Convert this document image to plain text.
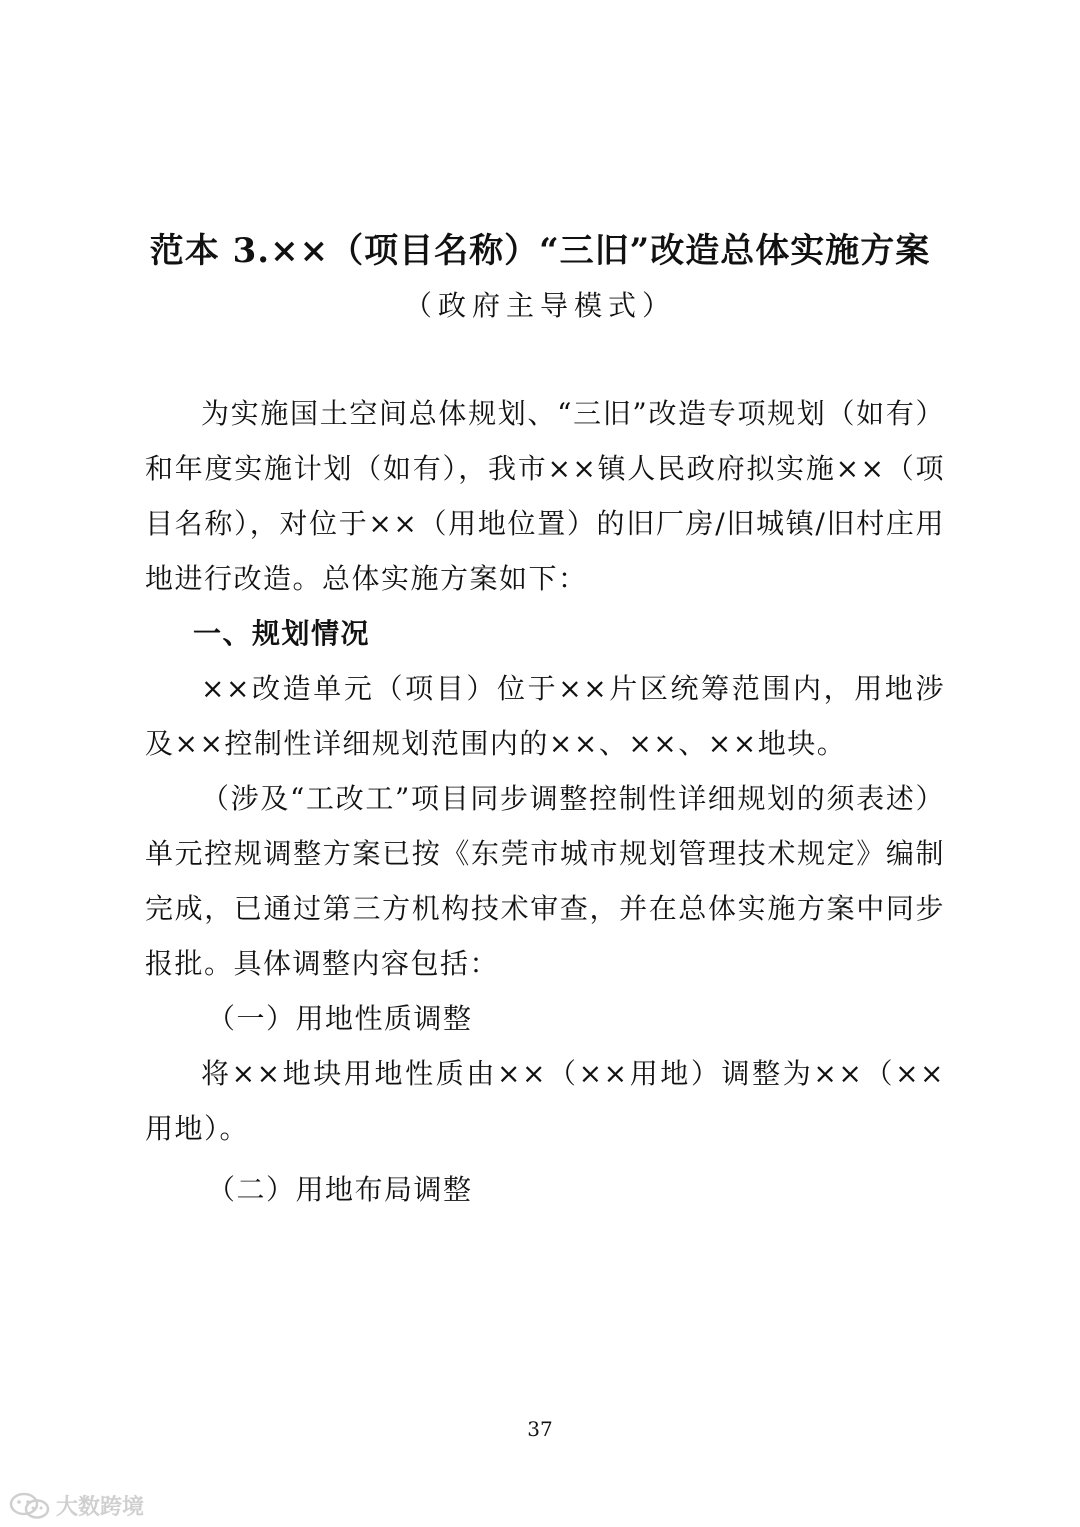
范本 3.××（项目名称）“三旧”改造总体实施方案
（政府主导模式）

为实施国土空间总体规划、“三旧”改造专项规划（如有）和年度实施计划（如有），我市××镇人民政府拟实施××（项目名称），对位于××（用地位置）的旧厂房/旧城镇/旧村庄用地进行改造。总体实施方案如下：

一、规划情况

××改造单元（项目）位于××片区统筹范围内，用地涉及××控制性详细规划范围内的××、××、××地块。

（涉及“工改工”项目同步调整控制性详细规划的须表述）单元控规调整方案已按《东莞市城市规划管理技术规定》编制完成，已通过第三方机构技术审查，并在总体实施方案中同步报批。具体调整内容包括：

（一）用地性质调整

将××地块用地性质由××（××用地）调整为××（××用地）。

（二）用地布局调整

37
大数跨境
